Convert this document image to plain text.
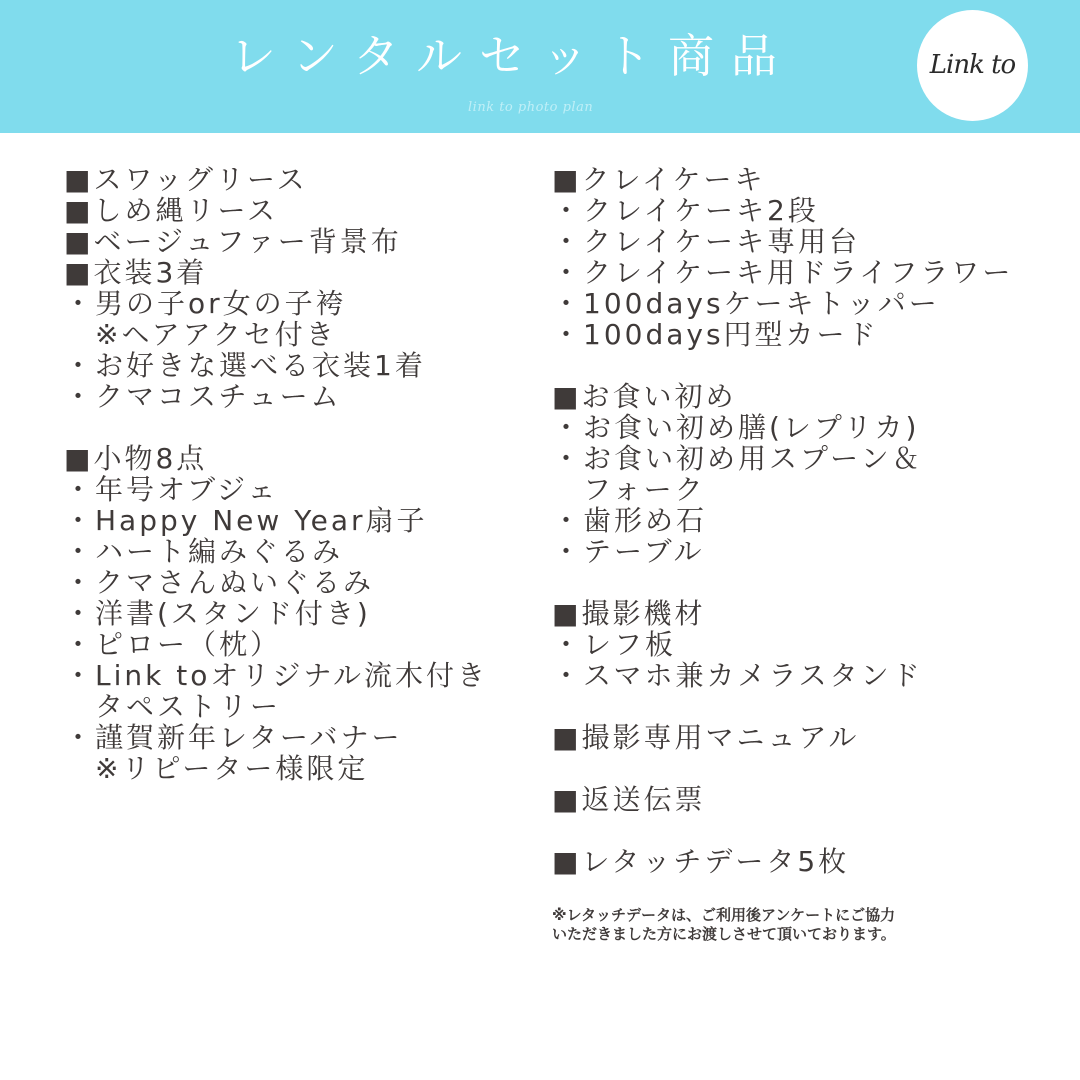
レンタルセット商品
link to photo plan
Link to
■スワッグリース
■しめ縄リース
■ベージュファー背景布
■衣装3着
・男の子or女の子袴
　※ヘアアクセ付き
・お好きな選べる衣装1着
・クマコスチューム
■小物8点
・年号オブジェ
・Happy New Year扇子
・ハート編みぐるみ
・クマさんぬいぐるみ
・洋書(スタンド付き)
・ピロー（枕）
・Link toオリジナル流木付き
　タペストリー
・謹賀新年レターバナー
　※リピーター様限定
■クレイケーキ
・クレイケーキ2段
・クレイケーキ専用台
・クレイケーキ用ドライフラワー
・100daysケーキトッパー
・100days円型カード
■お食い初め
・お食い初め膳(レプリカ)
・お食い初め用スプーン＆
　フォーク
・歯形め石
・テーブル
■撮影機材
・レフ板
・スマホ兼カメラスタンド
■撮影専用マニュアル
■返送伝票
■レタッチデータ5枚
※レタッチデータは、ご利用後アンケートにご協力
いただきました方にお渡しさせて頂いております。
